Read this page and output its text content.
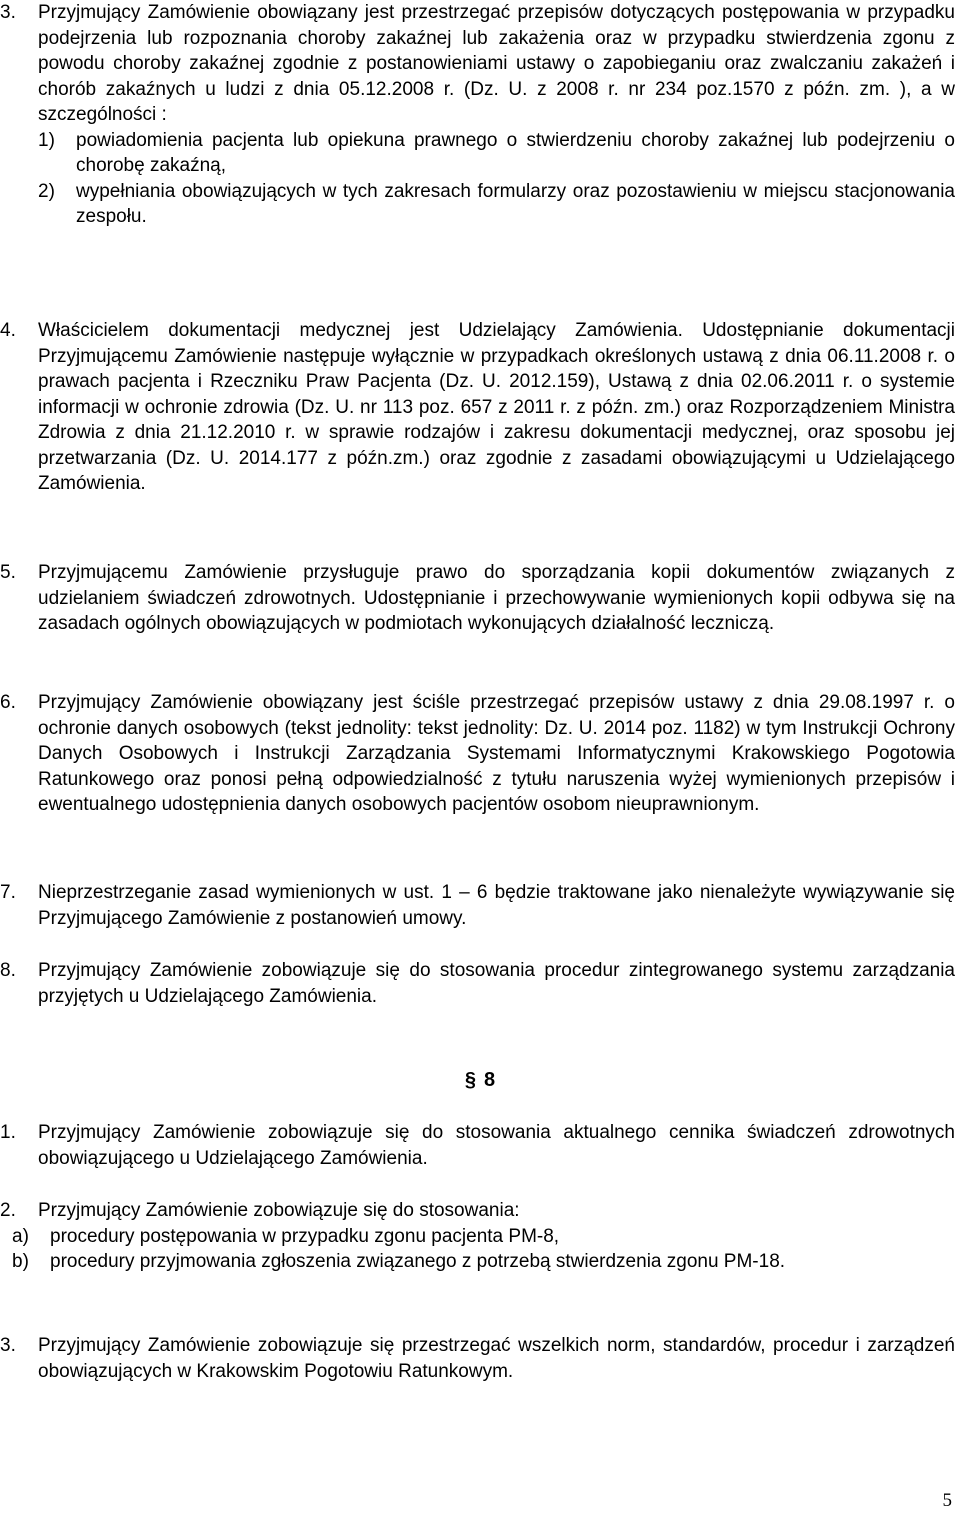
3.	Przyjmujący Zamówienie obowiązany jest przestrzegać przepisów dotyczących postępowania w przypadku podejrzenia lub rozpoznania choroby zakaźnej lub zakażenia oraz w przypadku stwierdzenia zgonu z powodu choroby zakaźnej zgodnie z postanowieniami ustawy o zapobieganiu oraz zwalczaniu zakażeń i chorób zakaźnych u ludzi z dnia 05.12.2008 r. (Dz. U. z 2008 r. nr 234 poz.1570 z późn. zm. ), a w szczególności :
1) powiadomienia pacjenta lub opiekuna prawnego o stwierdzeniu choroby zakaźnej lub podejrzeniu o chorobę zakaźną,
2) wypełniania obowiązujących w tych zakresach formularzy oraz pozostawieniu w miejscu stacjonowania zespołu.
4.	Właścicielem dokumentacji medycznej jest Udzielający Zamówienia. Udostępnianie dokumentacji Przyjmującemu Zamówienie następuje wyłącznie w przypadkach określonych ustawą z dnia 06.11.2008 r. o prawach pacjenta i Rzeczniku Praw Pacjenta (Dz. U. 2012.159), Ustawą z dnia 02.06.2011 r. o systemie informacji w ochronie zdrowia (Dz. U. nr 113 poz. 657 z 2011 r. z późn. zm.) oraz Rozporządzeniem Ministra Zdrowia z dnia 21.12.2010 r. w sprawie rodzajów i zakresu dokumentacji medycznej, oraz sposobu jej przetwarzania (Dz. U. 2014.177 z późn.zm.) oraz zgodnie z zasadami obowiązującymi u Udzielającego Zamówienia.
5.	Przyjmującemu Zamówienie przysługuje prawo do sporządzania kopii dokumentów związanych z udzielaniem świadczeń zdrowotnych. Udostępnianie i przechowywanie wymienionych kopii odbywa się na zasadach ogólnych obowiązujących w podmiotach wykonujących działalność leczniczą.
6.	Przyjmujący Zamówienie obowiązany jest ściśle przestrzegać przepisów ustawy z dnia 29.08.1997 r. o ochronie danych osobowych (tekst jednolity: tekst jednolity: Dz. U. 2014 poz. 1182) w tym Instrukcji Ochrony Danych Osobowych i Instrukcji Zarządzania Systemami Informatycznymi Krakowskiego Pogotowia Ratunkowego oraz ponosi pełną odpowiedzialność z tytułu naruszenia wyżej wymienionych przepisów i ewentualnego udostępnienia danych osobowych pacjentów osobom nieuprawnionym.
7.	Nieprzestrzeganie zasad wymienionych w ust. 1 – 6 będzie traktowane jako nienależyte wywiązywanie się Przyjmującego Zamówienie z postanowień umowy.
8.	Przyjmujący Zamówienie zobowiązuje się do stosowania procedur zintegrowanego systemu zarządzania przyjętych u Udzielającego Zamówienia.
§ 8
1.	Przyjmujący Zamówienie zobowiązuje się do stosowania aktualnego cennika świadczeń zdrowotnych obowiązującego u Udzielającego Zamówienia.
2.	Przyjmujący Zamówienie zobowiązuje się do stosowania:
a) procedury postępowania w przypadku zgonu pacjenta PM-8,
b) procedury przyjmowania zgłoszenia związanego z potrzebą stwierdzenia zgonu PM-18.
3.	Przyjmujący Zamówienie zobowiązuje się przestrzegać wszelkich norm, standardów, procedur i zarządzeń obowiązujących w Krakowskim Pogotowiu Ratunkowym.
5
